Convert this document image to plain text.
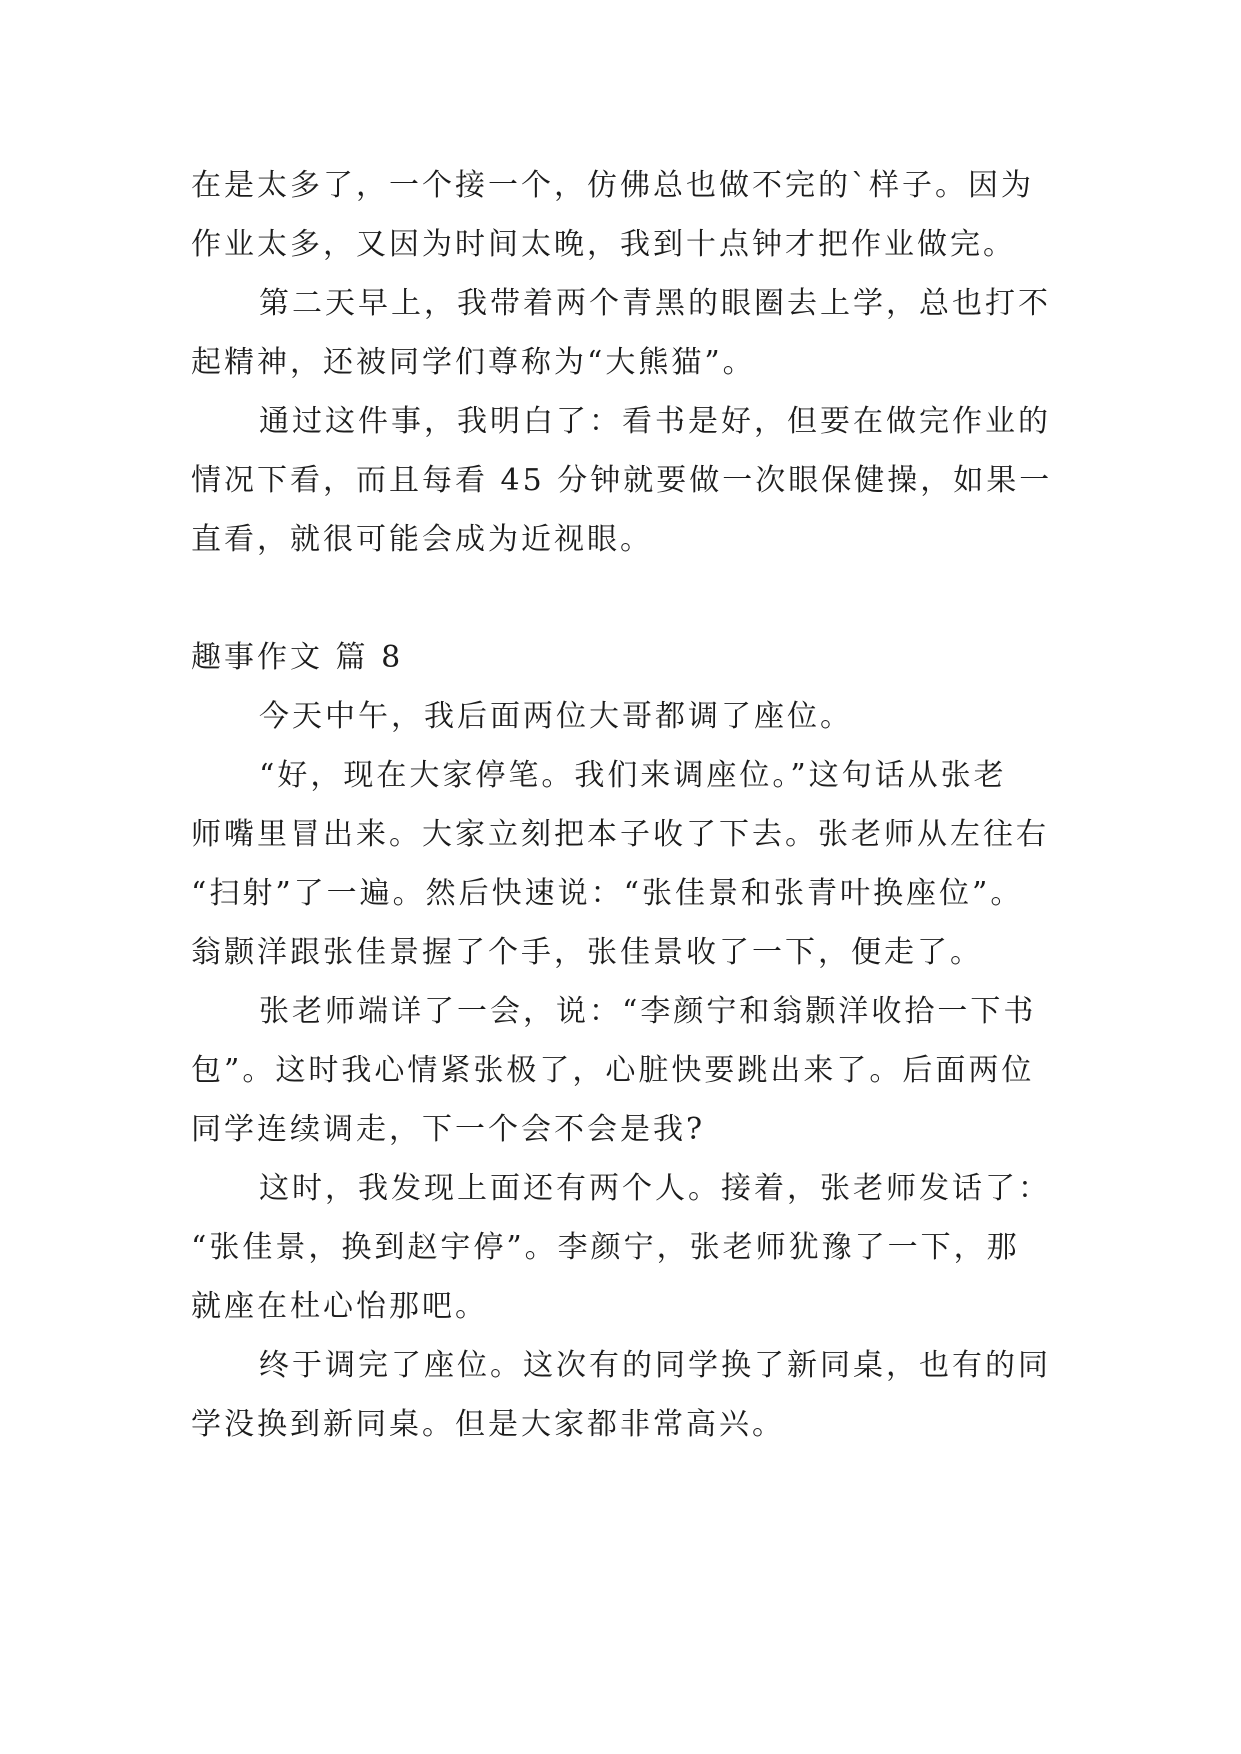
在是太多了，一个接一个，仿佛总也做不完的`样子。因为
作业太多，又因为时间太晚，我到十点钟才把作业做完。
第二天早上，我带着两个青黑的眼圈去上学，总也打不
起精神，还被同学们尊称为“大熊猫”。
通过这件事，我明白了：看书是好，但要在做完作业的
情况下看，而且每看 45 分钟就要做一次眼保健操，如果一
直看，就很可能会成为近视眼。
趣事作文 篇 8
今天中午，我后面两位大哥都调了座位。
“好，现在大家停笔。我们来调座位。”这句话从张老
师嘴里冒出来。大家立刻把本子收了下去。张老师从左往右
“扫射”了一遍。然后快速说：“张佳景和张青叶换座位”。
翁颢洋跟张佳景握了个手，张佳景收了一下，便走了。
张老师端详了一会，说：“李颜宁和翁颢洋收拾一下书
包”。这时我心情紧张极了，心脏快要跳出来了。后面两位
同学连续调走，下一个会不会是我?
这时，我发现上面还有两个人。接着，张老师发话了：
“张佳景，换到赵宇停”。李颜宁，张老师犹豫了一下，那
就座在杜心怡那吧。
终于调完了座位。这次有的同学换了新同桌，也有的同
学没换到新同桌。但是大家都非常高兴。
